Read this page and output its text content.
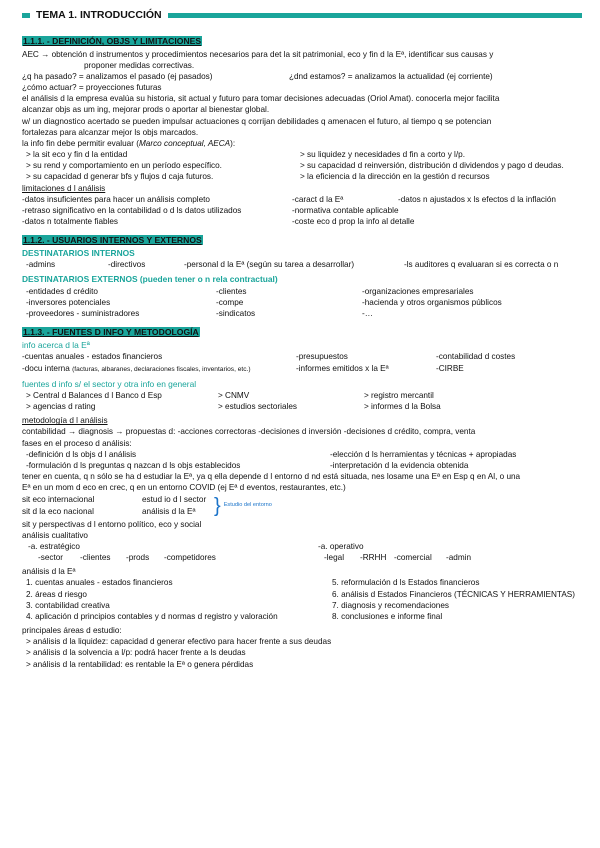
TEMA 1. INTRODUCCIÓN
1.1.1. - DEFINICIÓN, OBJS Y LIMITACIONES
AEC → obtención d instrumentos y procedimientos necesarios para det la sit patrimonial, eco y fin d la Eª, identificar sus causas y
proponer medidas correctivas.
¿q ha pasado? = analizamos el pasado (ej pasados)	¿dnd estamos? = analizamos la actualidad (ej corriente)
¿cómo actuar? = proyecciones futuras
el análisis d la empresa evalúa su historia, sit actual y futuro para tomar decisiones adecuadas (Oriol Amat). conocerla mejor facilita
alcanzar objs as um ing, mejorar prods o aportar al bienestar global.
w/ un diagnostico acertado se pueden impulsar actuaciones q corrijan debilidades q amenacen el futuro, al tiempo q se potencian
fortalezas para alcanzar mejor ls objs marcados.
la info fin debe permitir evaluar (Marco conceptual, AECA):
> la sit eco y fin d la entidad
> su rend y comportamiento en un período específico.
> su capacidad d generar bfs y flujos d caja futuros.
> su liquidez y necesidades d fin a corto y l/p.
> su capacidad d reinversión, distribución d dividendos y pago d deudas.
> la eficiencia d la dirección en la gestión d recursos
limitaciones d l análisis
-datos insuficientes para hacer un análisis completo	-caract d la Eª	-datos n ajustados x ls efectos d la inflación
-retraso significativo en la contabilidad o d ls datos utilizados	-normativa contable aplicable
-datos n totalmente fiables	-coste eco d prop la info al detalle
1.1.2. - USUARIOS INTERNOS Y EXTERNOS
DESTINATARIOS INTERNOS
-admins	-directivos	-personal d la Eª (según su tarea a desarrollar)	-ls auditores q evaluaran si es correcta o n
DESTINATARIOS EXTERNOS (pueden tener o n rela contractual)
-entidades d crédito	-clientes	-organizaciones empresariales
-inversores potenciales	-compe	-hacienda y otros organismos públicos
-proveedores - suministradores	-sindicatos	-…
1.1.3. - FUENTES D INFO Y METODOLOGÍA
info acerca d la Eª
-cuentas anuales - estados financieros	-presupuestos	-contabilidad d costes
-docu interna (facturas, albaranes, declaraciones fiscales, inventarios, etc.)	-informes emitidos x la Eª	-CIRBE
fuentes d info s/ el sector y otra info en general
> Central d Balances d l Banco d Esp	> CNMV	> registro mercantil
> agencias d rating	> estudios sectoriales	> informes d la Bolsa
metodología d l análisis
contabilidad → diagnosis → propuestas d: -acciones correctoras -decisiones d inversión -decisiones d crédito, compra, venta
fases en el proceso d análisis:
-definición d ls objs d l análisis	-elección d ls herramientas y técnicas + apropiadas
-formulación d ls preguntas q nazcan d ls objs establecidos	-interpretación d la evidencia obtenida
tener en cuenta, q n sólo se ha d estudiar la Eª, ya q ella depende d l entorno d nd está situada, nes losame una Eª en Esp q en Al, o una
Eª en un mom d eco en crec, q en un entorno COVID (ej Eª d eventos, restaurantes, etc.)
sit eco internacional	estud io d l sector
sit d la eco nacional	análisis d la Eª } Estudio del entorno
sit y perspectivas d l entorno político, eco y social
análisis cualitativo
-a. estratégico	-a. operativo
-sector	-clientes	-prods	-competidores	-legal	-RRHH -comercial	-admin
análisis d la Eª
1. cuentas anuales - estados financieros	5. reformulación d ls Estados financieros
2. áreas d riesgo	6. análisis d Estados Financieros (TÉCNICAS Y HERRAMIENTAS)
3. contabilidad creativa	7. diagnosis y recomendaciones
4. aplicación d principios contables y d normas d registro y valoración	8. conclusiones e informe final
principales áreas d estudio:
> análisis d la liquidez: capacidad d generar efectivo para hacer frente a sus deudas
> análisis d la solvencia a l/p: podrá hacer frente a ls deudas
> análisis d la rentabilidad: es rentable la Eª o genera pérdidas
